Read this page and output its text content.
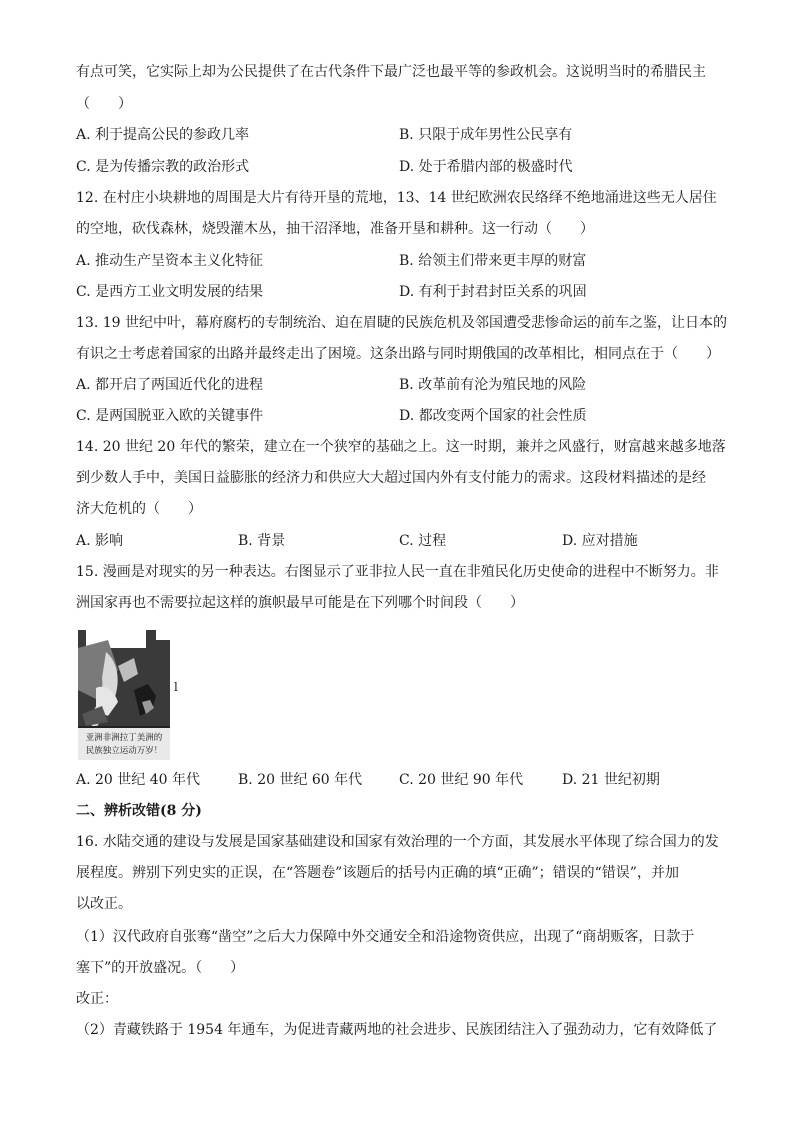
有点可笑，它实际上却为公民提供了在古代条件下最广泛也最平等的参政机会。这说明当时的希腊民主
（　　）
A. 利于提高公民的参政几率	B. 只限于成年男性公民享有
C. 是为传播宗教的政治形式	D. 处于希腊内部的极盛时代
12. 在村庄小块耕地的周围是大片有待开垦的荒地，13、14 世纪欧洲农民络绎不绝地涌进这些无人居住
的空地，砍伐森林，烧毁灌木丛，抽干沼泽地，准备开垦和耕种。这一行动（　　）
A. 推动生产呈资本主义化特征	B. 给领主们带来更丰厚的财富
C. 是西方工业文明发展的结果	D. 有利于封君封臣关系的巩固
13. 19 世纪中叶，幕府腐朽的专制统治、迫在眉睫的民族危机及邻国遭受悲惨命运的前车之鉴，让日本的
有识之士考虑着国家的出路并最终走出了困境。这条出路与同时期俄国的改革相比，相同点在于（　　）
A. 都开启了两国近代化的进程	B. 改革前有沦为殖民地的风险
C. 是两国脱亚入欧的关键事件	D. 都改变两个国家的社会性质
14. 20 世纪 20 年代的繁荣，建立在一个狭窄的基础之上。这一时期，兼并之风盛行，财富越来越多地落
到少数人手中，美国日益膨胀的经济力和供应大大超过国内外有支付能力的需求。这段材料描述的是经
济大危机的（　　）
A. 影响	B. 背景	C. 过程	D. 应对措施
15. 漫画是对现实的另一种表达。右图显示了亚非拉人民一直在非殖民化历史使命的进程中不断努力。非
洲国家再也不需要拉起这样的旗帜最早可能是在下列哪个时间段（　　）
亚洲非洲拉丁美洲的
民族独立运动万岁！
l
A. 20 世纪 40 年代	B. 20 世纪 60 年代	C. 20 世纪 90 年代	D. 21 世纪初期
二、辨析改错(8 分)
16. 水陆交通的建设与发展是国家基础建设和国家有效治理的一个方面，其发展水平体现了综合国力的发
展程度。辨别下列史实的正误，在“答题卷”该题后的括号内正确的填“正确”；错误的“错误”，并加
以改正。
（1）汉代政府自张骞“凿空”之后大力保障中外交通安全和沿途物资供应，出现了“商胡贩客，日款于
塞下”的开放盛况。（　　）
改正：
（2）青藏铁路于 1954 年通车，为促进青藏两地的社会进步、民族团结注入了强劲动力，它有效降低了
